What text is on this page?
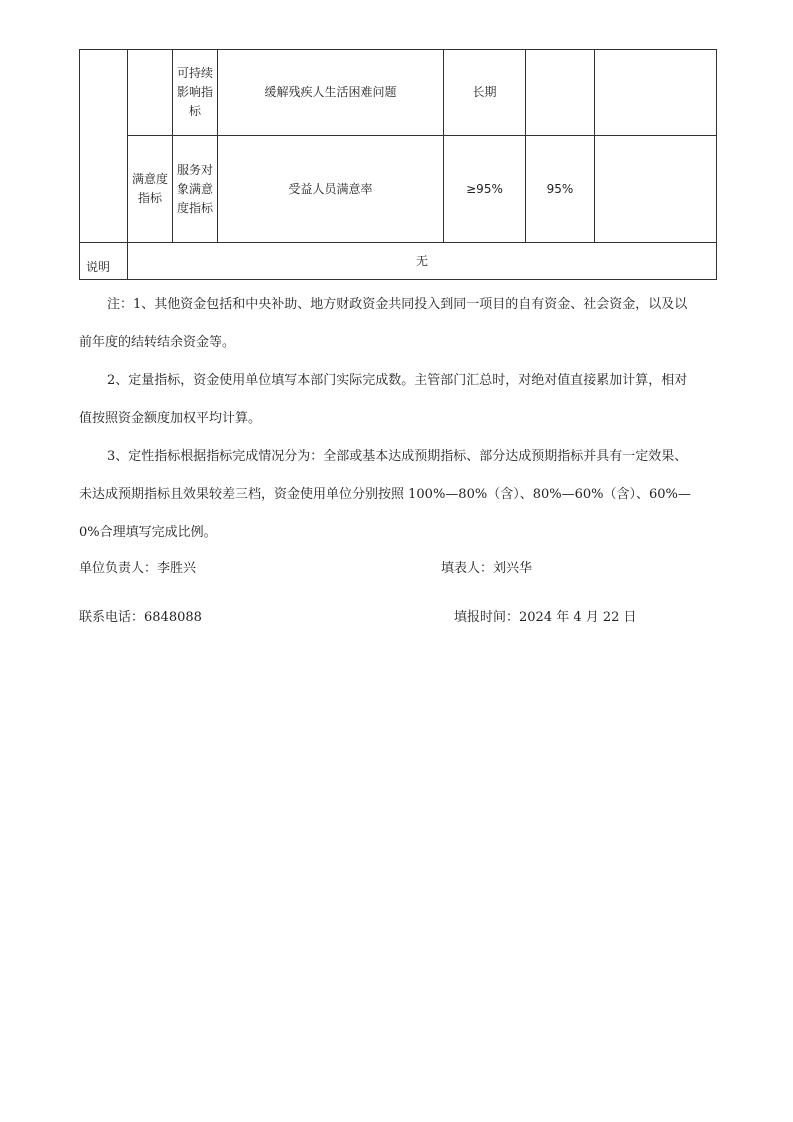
		可持续影响指标	缓解残疾人生活困难问题	长期		
	满意度指标	服务对象满意度指标	受益人员满意率	≥95%	95%	
说明	无					

注：1、其他资金包括和中央补助、地方财政资金共同投入到同一项目的自有资金、社会资金，以及以

前年度的结转结余资金等。

2、定量指标，资金使用单位填写本部门实际完成数。主管部门汇总时，对绝对值直接累加计算，相对

值按照资金额度加权平均计算。

3、定性指标根据指标完成情况分为：全部或基本达成预期指标、部分达成预期指标并具有一定效果、

未达成预期指标且效果较差三档，资金使用单位分别按照 100%—80%（含）、80%—60%（含）、60%—

0%合理填写完成比例。

单位负责人：李胜兴	填表人：刘兴华
联系电话：6848088	填报时间：2024 年 4 月 22 日
